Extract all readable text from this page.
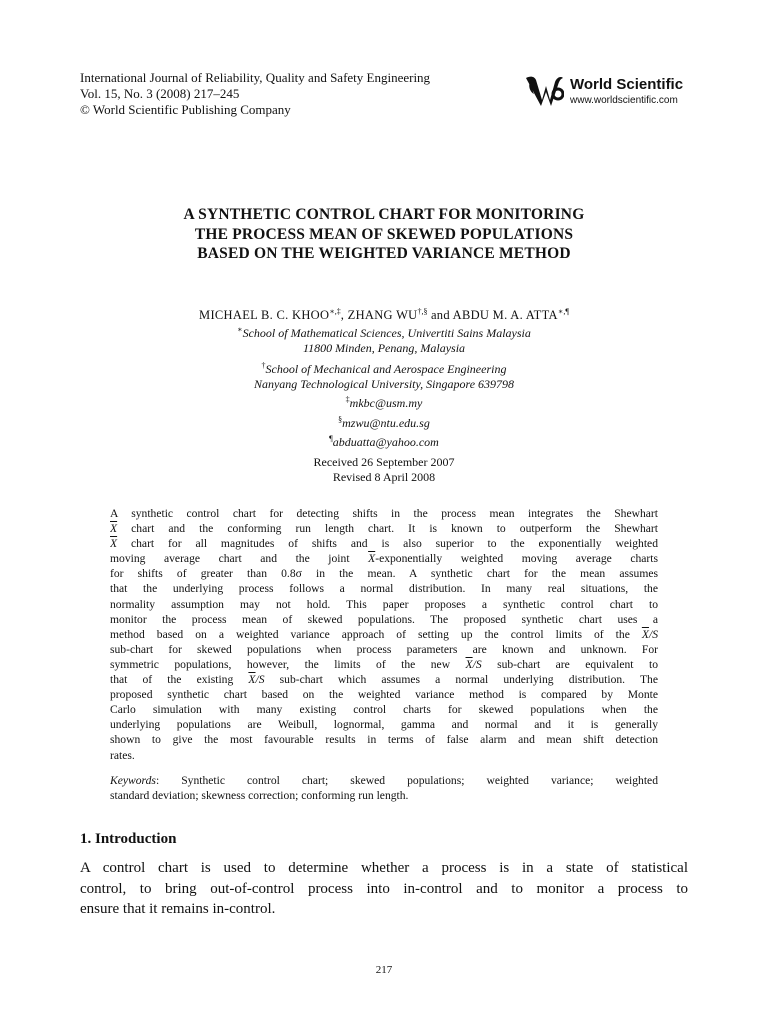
International Journal of Reliability, Quality and Safety Engineering
Vol. 15, No. 3 (2008) 217–245
© World Scientific Publishing Company
World Scientific
www.worldscientific.com
A SYNTHETIC CONTROL CHART FOR MONITORING
THE PROCESS MEAN OF SKEWED POPULATIONS
BASED ON THE WEIGHTED VARIANCE METHOD
MICHAEL B. C. KHOO∗,‡, ZHANG WU†,§ and ABDU M. A. ATTA∗,¶
∗School of Mathematical Sciences, Univertiti Sains Malaysia
11800 Minden, Penang, Malaysia
†School of Mechanical and Aerospace Engineering
Nanyang Technological University, Singapore 639798
‡mkbc@usm.my
§mzwu@ntu.edu.sg
¶abduatta@yahoo.com
Received 26 September 2007
Revised 8 April 2008
A synthetic control chart for detecting shifts in the process mean integrates the Shewhart
$\overline{X}$ chart and the conforming run length chart. It is known to outperform the Shewhart
$\overline{X}$ chart for all magnitudes of shifts and is also superior to the exponentially weighted
moving average chart and the joint $\overline{X}$-exponentially weighted moving average charts
for shifts of greater than 0.8σ in the mean. A synthetic chart for the mean assumes
that the underlying process follows a normal distribution. In many real situations, the
normality assumption may not hold. This paper proposes a synthetic control chart to
monitor the process mean of skewed populations. The proposed synthetic chart uses a
method based on a weighted variance approach of setting up the control limits of the $\overline{X}/S$
sub-chart for skewed populations when process parameters are known and unknown. For
symmetric populations, however, the limits of the new $\overline{X}/S$ sub-chart are equivalent to
that of the existing $\overline{X}/S$ sub-chart which assumes a normal underlying distribution. The
proposed synthetic chart based on the weighted variance method is compared by Monte
Carlo simulation with many existing control charts for skewed populations when the
underlying populations are Weibull, lognormal, gamma and normal and it is generally
shown to give the most favourable results in terms of false alarm and mean shift detection
rates.
Keywords: Synthetic control chart; skewed populations; weighted variance; weighted
standard deviation; skewness correction; conforming run length.
1. Introduction
A control chart is used to determine whether a process is in a state of statistical
control, to bring out-of-control process into in-control and to monitor a process to
ensure that it remains in-control.
217
